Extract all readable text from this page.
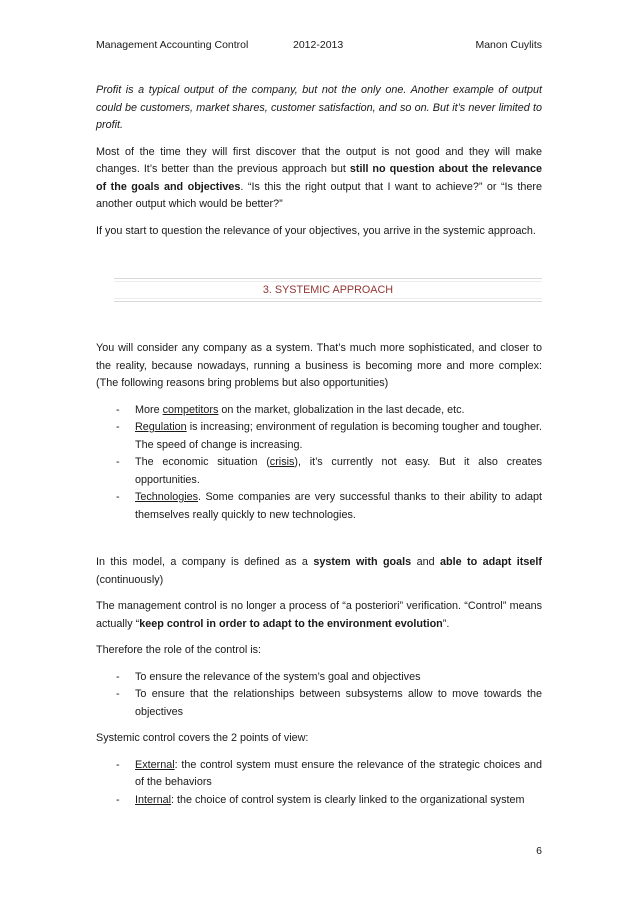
Management Accounting Control	2012-2013	Manon Cuylits

Profit is a typical output of the company, but not the only one. Another example of output could be customers, market shares, customer satisfaction, and so on. But it’s never limited to profit.

Most of the time they will first discover that the output is not good and they will make changes. It’s better than the previous approach but still no question about the relevance of the goals and objectives. “Is this the right output that I want to achieve?” or “Is there another output which would be better?”

If you start to question the relevance of your objectives, you arrive in the systemic approach.

3. SYSTEMIC APPROACH

You will consider any company as a system. That’s much more sophisticated, and closer to the reality, because nowadays, running a business is becoming more and more complex: (The following reasons bring problems but also opportunities)

- More competitors on the market, globalization in the last decade, etc.
- Regulation is increasing; environment of regulation is becoming tougher and tougher. The speed of change is increasing.
- The economic situation (crisis), it’s currently not easy. But it also creates opportunities.
- Technologies. Some companies are very successful thanks to their ability to adapt themselves really quickly to new technologies.

In this model, a company is defined as a system with goals and able to adapt itself (continuously)

The management control is no longer a process of “a posteriori” verification. “Control” means actually “keep control in order to adapt to the environment evolution”.

Therefore the role of the control is:

- To ensure the relevance of the system’s goal and objectives
- To ensure that the relationships between subsystems allow to move towards the objectives

Systemic control covers the 2 points of view:

- External: the control system must ensure the relevance of the strategic choices and of the behaviors
- Internal: the choice of control system is clearly linked to the organizational system
6
